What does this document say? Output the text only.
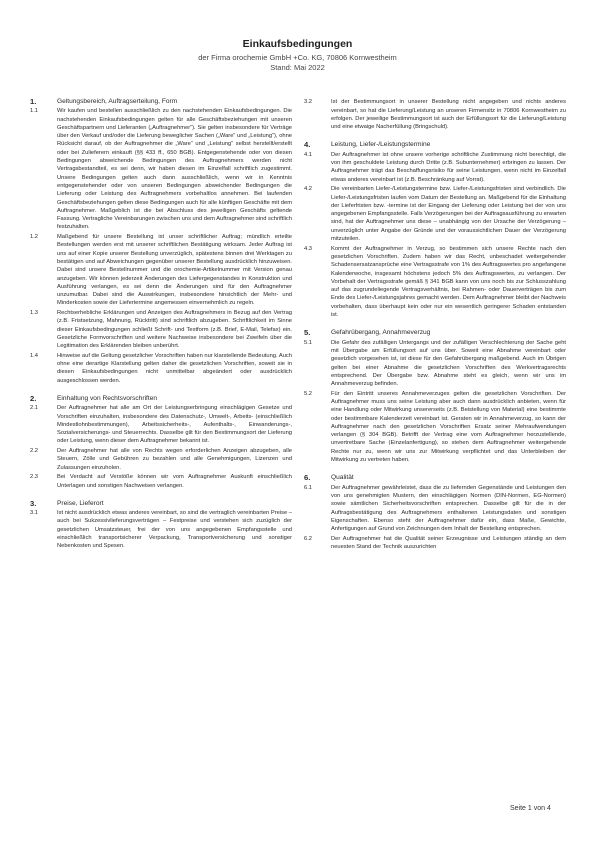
Einkaufsbedingungen
der Firma orochemie GmbH +Co. KG, 70806 Kornwestheim
Stand: Mai 2022
1.	Geltungsbereich, Auftragserteilung, Form
1.1	Wir kaufen und bestellen ausschließlich zu den nachstehenden Einkaufsbedingungen. Die nachstehenden Einkaufsbedingungen gelten für alle Geschäftsbeziehungen mit unseren Geschäftspartnern und Lieferanten („Auftragnehmer“). Sie gelten insbesondere für Verträge über den Verkauf und/oder die Lieferung beweglicher Sachen („Ware“ und „Leistung“), ohne Rücksicht darauf, ob der Auftragnehmer die „Ware“ und „Leistung“ selbst herstellt/erstellt oder bei Zulieferern einkauft (§§ 433 ff., 650 BGB). Entgegenstehende oder von diesen Bedingungen abweichende Bedingungen des Auftragnehmers werden nicht Vertragsbestandteil, es sei denn, wir haben diesen im Einzelfall schriftlich zugestimmt. Unsere Bedingungen gelten auch dann ausschließlich, wenn wir in Kenntnis entgegenstehender oder von unseren Bedingungen abweichender Bedingungen die Lieferung oder Leistung des Auftragnehmers vorbehaltlos annehmen. Bei laufenden Geschäftsbeziehungen gelten diese Bedingungen auch für alle künftigen Geschäfte mit dem Auftragnehmer. Maßgeblich ist die bei Abschluss des jeweiligen Geschäfts geltende Fassung. Vertragliche Vereinbarungen zwischen uns und dem Auftragnehmer sind schriftlich festzuhalten.
1.2	Maßgebend für unsere Bestellung ist unser schriftlicher Auftrag; mündlich erteilte Bestellungen werden erst mit unserer schriftlichen Bestätigung wirksam. Jeder Auftrag ist uns auf einer Kopie unserer Bestellung unverzüglich, spätestens binnen drei Werktagen zu bestätigen und auf Abweichungen gegenüber unserer Bestellung ausdrücklich hinzuweisen. Dabei sind unsere Bestellnummer und die orochemie-Artikelnummer mit Version genau anzugeben. Wir können jederzeit Änderungen des Liefergegenstandes in Konstruktion und Ausführung verlangen, es sei denn die Änderungen sind für den Auftragnehmer unzumutbar. Dabei sind die Auswirkungen, insbesondere hinsichtlich der Mehr- und Minderkosten sowie der Liefertermine angemessen einvernehmlich zu regeln.
1.3	Rechtserhebliche Erklärungen und Anzeigen des Auftragnehmers in Bezug auf den Vertrag (z.B. Fristsetzung, Mahnung, Rücktritt) sind schriftlich abzugeben. Schriftlichkeit im Sinne dieser Einkaufsbedingungen schließt Schrift- und Textform (z.B. Brief, E-Mail, Telefax) ein. Gesetzliche Formvorschriften und weitere Nachweise insbesondere bei Zweifeln über die Legitimation des Erklärenden bleiben unberührt.
1.4	Hinweise auf die Geltung gesetzlicher Vorschriften haben nur klarstellende Bedeutung. Auch ohne eine derartige Klarstellung gelten daher die gesetzlichen Vorschriften, soweit sie in diesen Einkaufsbedingungen nicht unmittelbar abgeändert oder ausdrücklich ausgeschlossen werden.
2.	Einhaltung von Rechtsvorschriften
2.1	Der Auftragnehmer hat alle am Ort der Leistungserbringung einschlägigen Gesetze und Vorschriften einzuhalten, insbesondere des Datenschutz-, Umwelt-, Arbeits- (einschließlich Mindestlohnbestimmungen), Arbeitssicherheits-, Aufenthalts-, Einwanderungs-, Sozialversicherungs- und Steuerrechts. Dasselbe gilt für den Bestimmungsort der Lieferung oder Leistung, wenn dieser dem Auftragnehmer bekannt ist.
2.2	Der Auftragnehmer hat alle von Rechts wegen erforderlichen Anzeigen abzugeben, alle Steuern, Zölle und Gebühren zu bezahlen und alle Genehmigungen, Lizenzen und Zulassungen einzuholen.
2.3	Bei Verdacht auf Verstöße können wir vom Auftragnehmer Auskunft einschließlich Unterlagen und sonstigen Nachweisen verlangen.
3.	Preise, Lieferort
3.1	Ist nicht ausdrücklich etwas anderes vereinbart, so sind die vertraglich vereinbarten Preise – auch bei Sukzessivlieferungsverträgen – Festpreise und verstehen sich zuzüglich der gesetzlichen Umsatzsteuer, frei der von uns angegebenen Empfangsstelle und einschließlich transportsicherer Verpackung, Transportversicherung und sonstiger Nebenkosten und Spesen.
3.2	Ist der Bestimmungsort in unserer Bestellung nicht angegeben und nichts anderes vereinbart, so hat die Lieferung/Leistung an unseren Firmensitz in 70806 Kornwestheim zu erfolgen. Der jeweilige Bestimmungsort ist auch der Erfüllungsort für die Lieferung/Leistung und eine etwaige Nacherfüllung (Bringschuld).
4.	Leistung, Liefer-/Leistungstermine
4.1	Der Auftragnehmer ist ohne unsere vorherige schriftliche Zustimmung nicht berechtigt, die von ihm geschuldete Leistung durch Dritte (z.B. Subunternehmer) erbringen zu lassen. Der Auftragnehmer trägt das Beschaffungsrisiko für seine Leistungen, wenn nicht im Einzelfall etwas anderes vereinbart ist (z.B. Beschränkung auf Vorrat).
4.2	Die vereinbarten Liefer-/Leistungstermine bzw. Liefer-/Leistungsfristen sind verbindlich. Die Liefer-/Leistungsfristen laufen vom Datum der Bestellung an. Maßgebend für die Einhaltung der Lieferfristen bzw. -termine ist der Eingang der Lieferung oder Leistung bei der von uns angegebenen Empfangsstelle. Falls Verzögerungen bei der Auftragsausführung zu erwarten sind, hat der Auftragnehmer uns diese – unabhängig von der Ursache der Verzögerung – unverzüglich unter Angabe der Gründe und der voraussichtlichen Dauer der Verzögerung mitzuteilen.
4.3	Kommt der Auftragnehmer in Verzug, so bestimmen sich unsere Rechte nach den gesetzlichen Vorschriften. Zudem haben wir das Recht, unbeschadet weitergehender Schadensersatzansprüche eine Vertragsstrafe von 1% des Auftragswertes pro angefangene Kalenderwoche, insgesamt höchstens jedoch 5% des Auftragswertes, zu verlangen. Der Vorbehalt der Vertragsstrafe gemäß § 341 BGB kann von uns noch bis zur Schlusszahlung auf das zugrundeliegende Vertragsverhältnis, bei Rahmen- oder Dauerverträgen bis zum Ende des Liefer-/Leistungsjahres gemacht werden. Dem Auftragnehmer bleibt der Nachweis vorbehalten, dass überhaupt kein oder nur ein wesentlich geringerer Schaden entstanden ist.
5.	Gefahrübergang, Annahmeverzug
5.1	Die Gefahr des zufälligen Untergangs und der zufälligen Verschlechterung der Sache geht mit Übergabe am Erfüllungsort auf uns über. Soweit eine Abnahme vereinbart oder gesetzlich vorgesehen ist, ist diese für den Gefahrübergang maßgebend. Auch im Übrigen gelten bei einer Abnahme die gesetzlichen Vorschriften des Werkvertragsrechts entsprechend. Der Übergabe bzw. Abnahme steht es gleich, wenn wir uns im Annahmeverzug befinden.
5.2	Für den Eintritt unseres Annahmeverzuges gelten die gesetzlichen Vorschriften. Der Auftragnehmer muss uns seine Leistung aber auch dann ausdrücklich anbieten, wenn für eine Handlung oder Mitwirkung unsererseits (z.B. Beistellung von Material) eine bestimmte oder bestimmbare Kalenderzeit vereinbart ist. Geraten wir in Annahmeverzug, so kann der Auftragnehmer nach den gesetzlichen Vorschriften Ersatz seiner Mehraufwendungen verlangen (§ 304 BGB). Betrifft der Vertrag eine vom Auftragnehmer herzustellende, unvertretbare Sache (Einzelanfertigung), so stehen dem Auftragnehmer weitergehende Rechte nur zu, wenn wir uns zur Mitwirkung verpflichtet und das Unterbleiben der Mitwirkung zu vertreten haben.
6.	Qualität
6.1	Der Auftragnehmer gewährleistet, dass die zu liefernden Gegenstände und Leistungen den von uns genehmigten Mustern, den einschlägigen Normen (DIN-Normen, EG-Normen) sowie sämtlichen Sicherheitsvorschriften entsprechen. Dasselbe gilt für die in der Auftragsbestätigung des Auftragnehmers enthaltenen Leistungsdaten und sonstigen Eigenschaften. Ebenso steht der Auftragnehmer dafür ein, dass Maße, Gewichte, Anfertigungen auf Grund von Zeichnungen dem Inhalt der Bestellung entsprechen.
6.2	Der Auftragnehmer hat die Qualität seiner Erzeugnisse und Leistungen ständig an dem neuesten Stand der Technik auszurichten
Seite 1 von 4
